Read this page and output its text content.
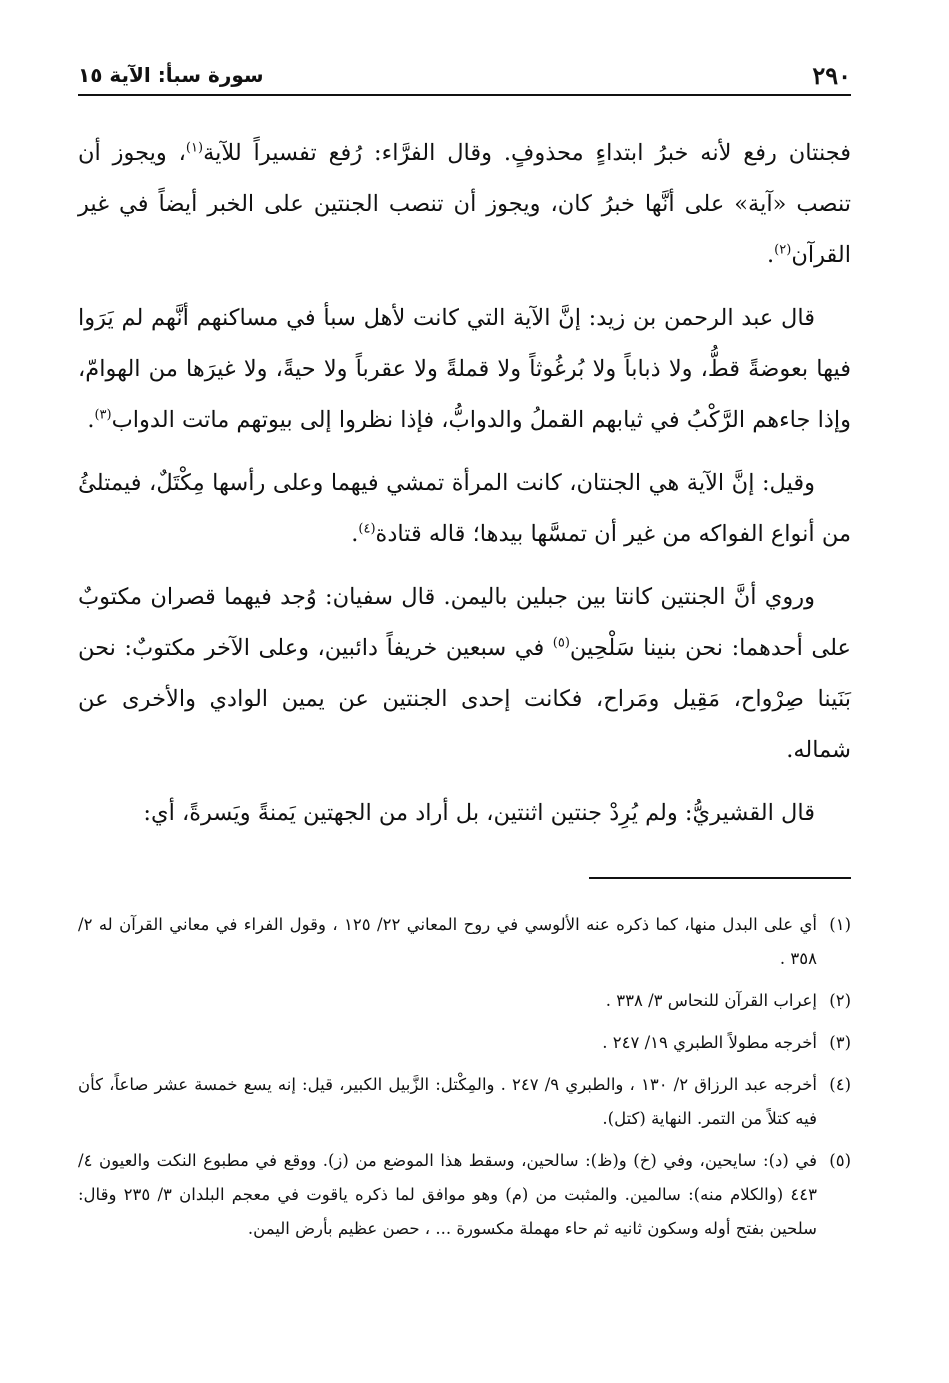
٢٩٠
سورة سبأ: الآية ١٥

فجنتان رفع لأنه خبرُ ابتداءٍ محذوفٍ. وقال الفرَّاء: رُفع تفسيراً للآية$^{(١)}$، ويجوز أن تنصب «آية» على أنَّها خبرُ كان، ويجوز أن تنصب الجنتين على الخبر أيضاً في غير القرآن$^{(٢)}$.

قال عبد الرحمن بن زيد: إنَّ الآية التي كانت لأهل سبأ في مساكنهم أنَّهم لم يَرَوا فيها بعوضةً قطُّ، ولا ذباباً ولا بُرغُوثاً ولا قملةً ولا عقرباً ولا حيةً، ولا غيرَها من الهوامّ، وإذا جاءهم الرَّكْبُ في ثيابهم القملُ والدوابُّ، فإذا نظروا إلى بيوتهم ماتت الدواب$^{(٣)}$.

وقيل: إنَّ الآية هي الجنتان، كانت المرأة تمشي فيهما وعلى رأسها مِكْتَلٌ، فيمتلئُ من أنواع الفواكه من غير أن تمسَّها بيدها؛ قاله قتادة$^{(٤)}$.

وروي أنَّ الجنتين كانتا بين جبلين باليمن. قال سفيان: وُجد فيهما قصران مكتوبٌ على أحدهما: نحن بنينا سَلْحِين$^{(٥)}$ في سبعين خريفاً دائبين، وعلى الآخر مكتوبٌ: نحن بَنَينا صِرْواح، مَقِيل ومَراح، فكانت إحدى الجنتين عن يمين الوادي والأخرى عن شماله.

قال القشيريُّ: ولم يُرِدْ جنتين اثنتين، بل أراد من الجهتين يَمنةً ويَسرةً، أي:

(١)
أي على البدل منها، كما ذكره عنه الألوسي في روح المعاني ٢٢/ ١٢٥ ، وقول الفراء في معاني القرآن له ٢/ ٣٥٨ .
(٢)
إعراب القرآن للنحاس ٣/ ٣٣٨ .
(٣)
أخرجه مطولاً الطبري ١٩/ ٢٤٧ .
(٤)
أخرجه عبد الرزاق ٢/ ١٣٠ ، والطبري ٩/ ٢٤٧ . والمِكْتل: الزَّبيل الكبير، قيل: إنه يسع خمسة عشر صاعاً، كأن فيه كتلاً من التمر. النهاية (كتل).
(٥)
في (د): سايحين، وفي (خ) و(ظ): سالحين، وسقط هذا الموضع من (ز). ووقع في مطبوع النكت والعيون ٤/ ٤٤٣ (والكلام منه): سالمين. والمثبت من (م) وهو موافق لما ذكره ياقوت في معجم البلدان ٣/ ٢٣٥ وقال: سلحين بفتح أوله وسكون ثانيه ثم حاء مهملة مكسورة ... ، حصن عظيم بأرض اليمن.
